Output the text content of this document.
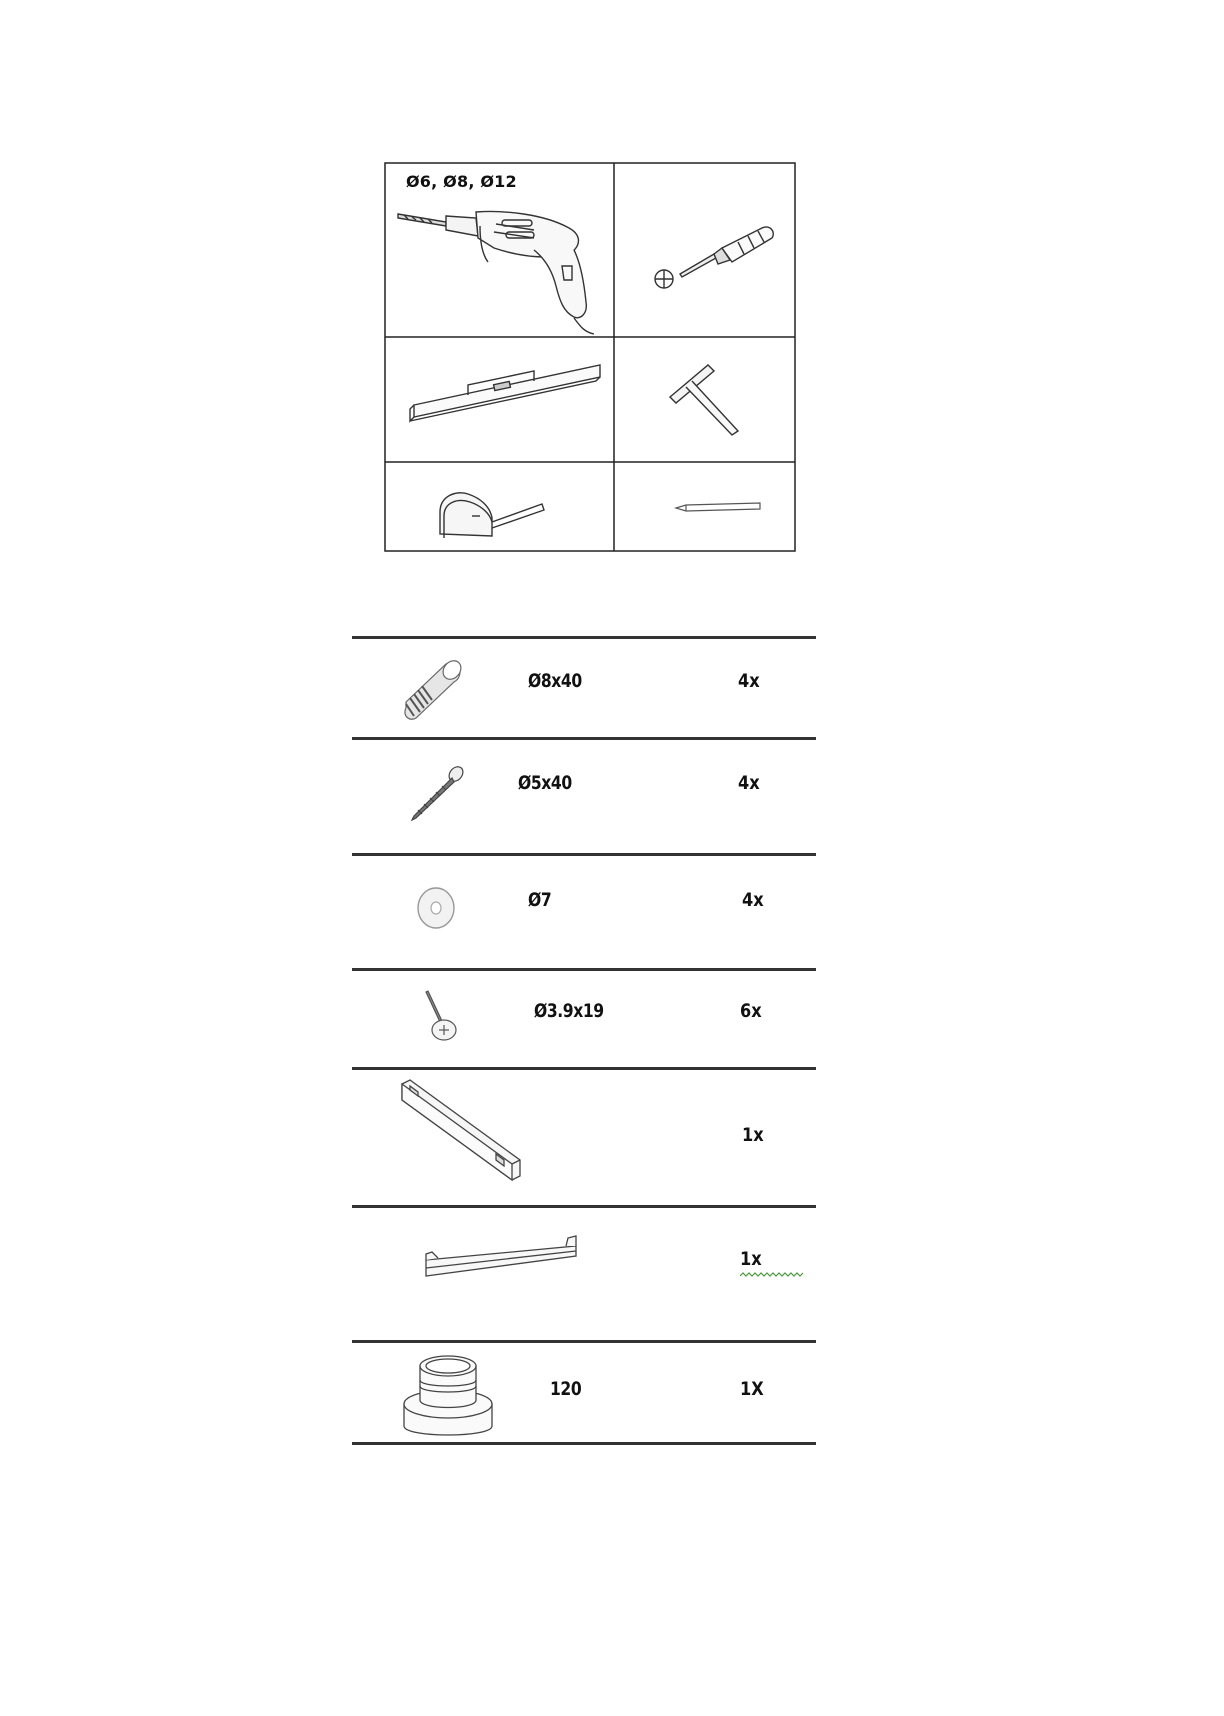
Ø6, Ø8, Ø12
Ø8x40	4x
Ø5x40	4x
Ø7	4x
Ø3.9x19	6x
1x
1x
120	1X
